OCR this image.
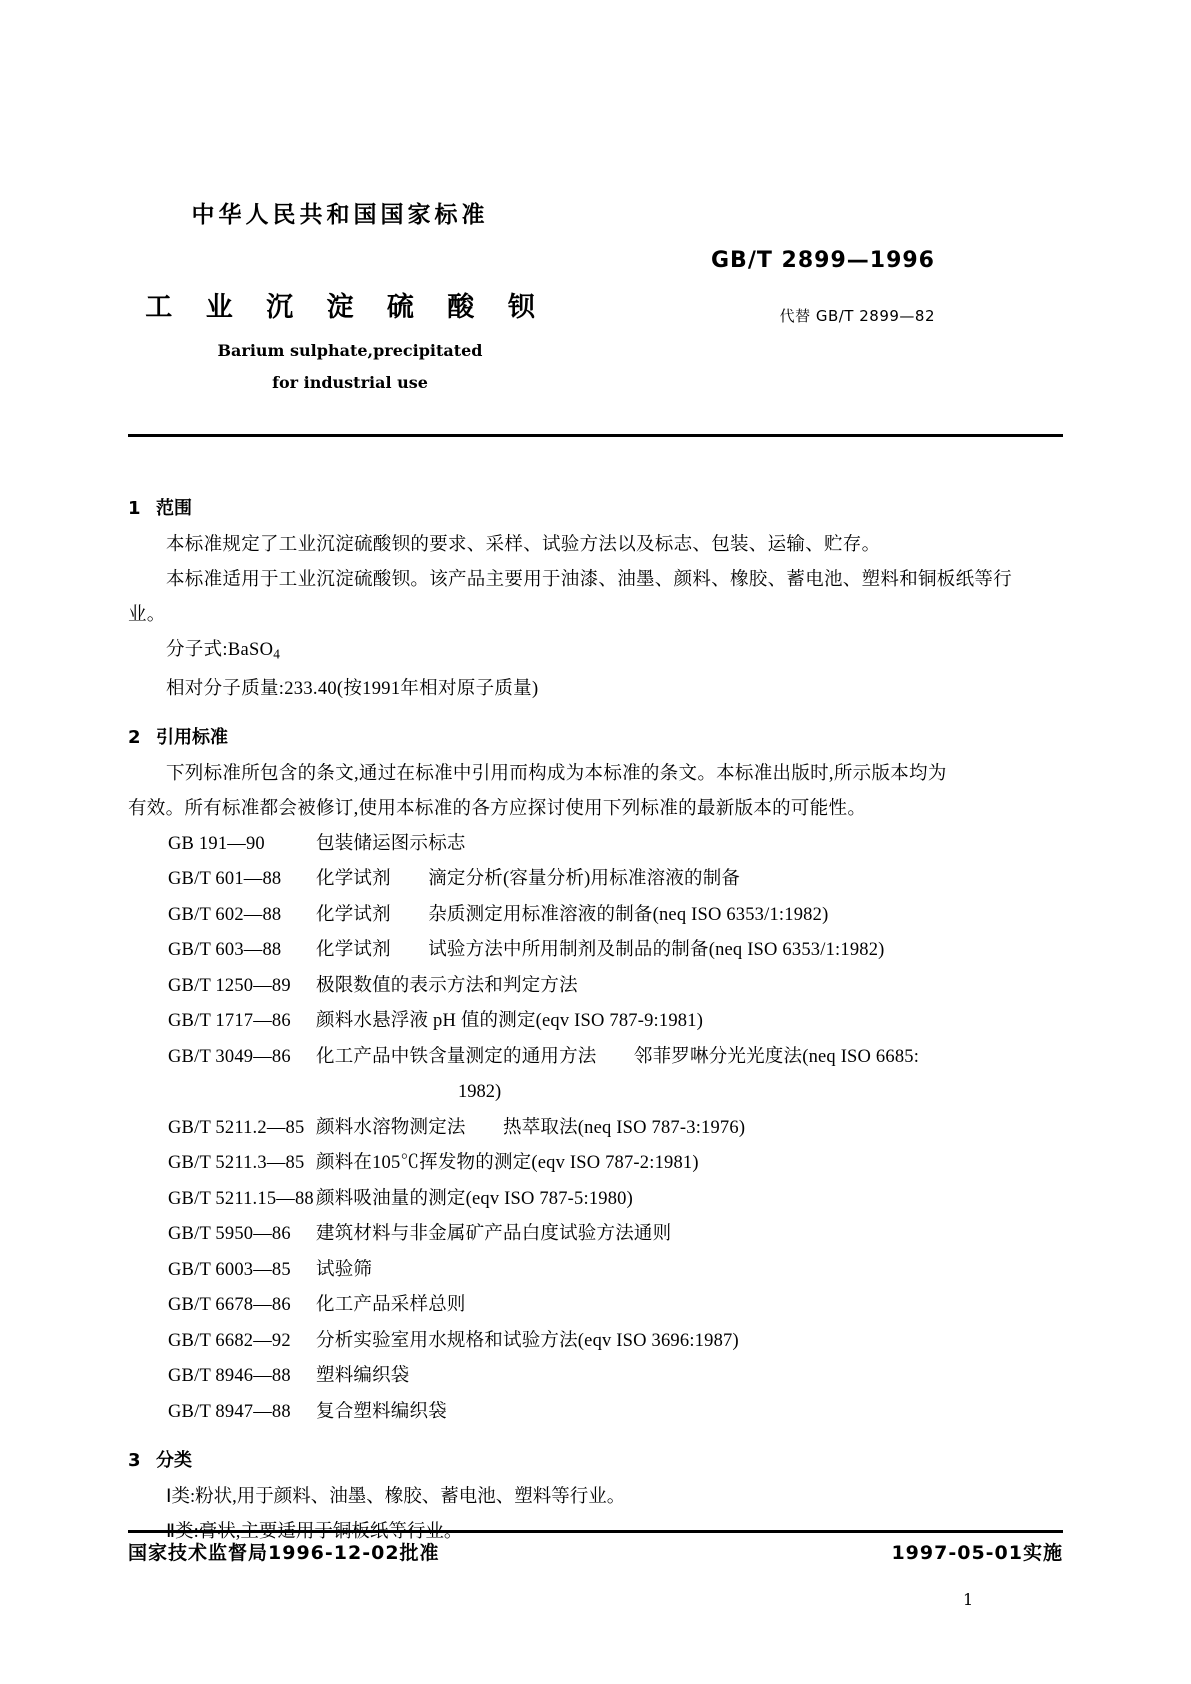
中华人民共和国国家标准
GB/T 2899—1996
工 业 沉 淀 硫 酸 钡	代替 GB/T 2899—82
Barium sulphate,precipitated
for industrial use
1 范围

本标准规定了工业沉淀硫酸钡的要求、采样、试验方法以及标志、包装、运输、贮存。

本标准适用于工业沉淀硫酸钡。该产品主要用于油漆、油墨、颜料、橡胶、蓄电池、塑料和铜板纸等行

业。

分子式:BaSO$_4$

相对分子质量:233.40(按1991年相对原子质量)

2 引用标准

下列标准所包含的条文,通过在标准中引用而构成为本标准的条文。本标准出版时,所示版本均为

有效。所有标准都会被修订,使用本标准的各方应探讨使用下列标准的最新版本的可能性。

GB 191—90	包装储运图示标志
GB/T 601—88 化学试剂　　滴定分析(容量分析)用标准溶液的制备
GB/T 602—88 化学试剂　　杂质测定用标准溶液的制备(neq ISO 6353/1:1982)
GB/T 603—88 化学试剂　　试验方法中所用制剂及制品的制备(neq ISO 6353/1:1982)
GB/T 1250—89 极限数值的表示方法和判定方法
GB/T 1717—86 颜料水悬浮液 pH 值的测定(eqv ISO 787-9:1981)
GB/T 3049—86 化工产品中铁含量测定的通用方法　　邻菲罗啉分光光度法(neq ISO 6685:
1982)
GB/T 5211.2—85 颜料水溶物测定法　　热萃取法(neq ISO 787-3:1976)
GB/T 5211.3—85 颜料在105℃挥发物的测定(eqv ISO 787-2:1981)
GB/T 5211.15—88 颜料吸油量的测定(eqv ISO 787-5:1980)
GB/T 5950—86 建筑材料与非金属矿产品白度试验方法通则
GB/T 6003—85 试验筛
GB/T 6678—86 化工产品采样总则
GB/T 6682—92 分析实验室用水规格和试验方法(eqv ISO 3696:1987)
GB/T 8946—88 塑料编织袋
GB/T 8947—88 复合塑料编织袋
3 分类
Ⅰ类:粉状,用于颜料、油墨、橡胶、蓄电池、塑料等行业。
国家技术监督局1996-12-02批准	1997-05-01实施
1
